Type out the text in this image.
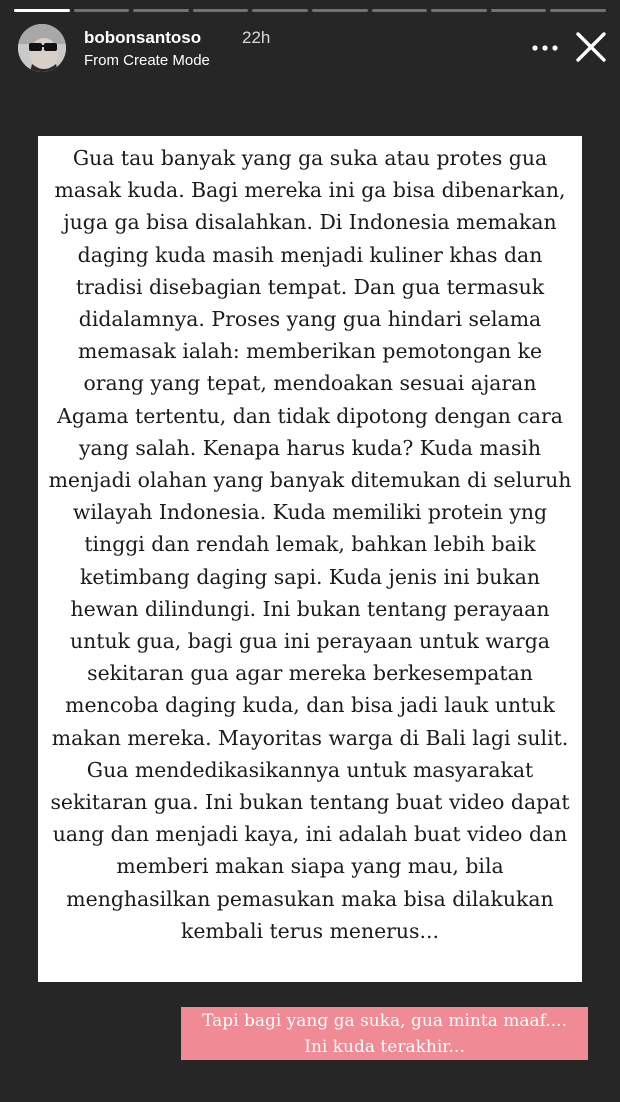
bobonsantoso 22h
From Create Mode
Gua tau banyak yang ga suka atau protes gua masak kuda. Bagi mereka ini ga bisa dibenarkan, juga ga bisa disalahkan. Di Indonesia memakan daging kuda masih menjadi kuliner khas dan tradisi disebagian tempat. Dan gua termasuk didalamnya. Proses yang gua hindari selama memasak ialah: memberikan pemotongan ke orang yang tepat, mendoakan sesuai ajaran Agama tertentu, dan tidak dipotong dengan cara yang salah. Kenapa harus kuda? Kuda masih menjadi olahan yang banyak ditemukan di seluruh wilayah Indonesia. Kuda memiliki protein yng tinggi dan rendah lemak, bahkan lebih baik ketimbang daging sapi. Kuda jenis ini bukan hewan dilindungi. Ini bukan tentang perayaan untuk gua, bagi gua ini perayaan untuk warga sekitaran gua agar mereka berkesempatan mencoba daging kuda, dan bisa jadi lauk untuk makan mereka. Mayoritas warga di Bali lagi sulit. Gua mendedikasikannya untuk masyarakat sekitaran gua. Ini bukan tentang buat video dapat uang dan menjadi kaya, ini adalah buat video dan memberi makan siapa yang mau, bila menghasilkan pemasukan maka bisa dilakukan kembali terus menerus...
Tapi bagi yang ga suka, gua minta maaf....
Ini kuda terakhir...
